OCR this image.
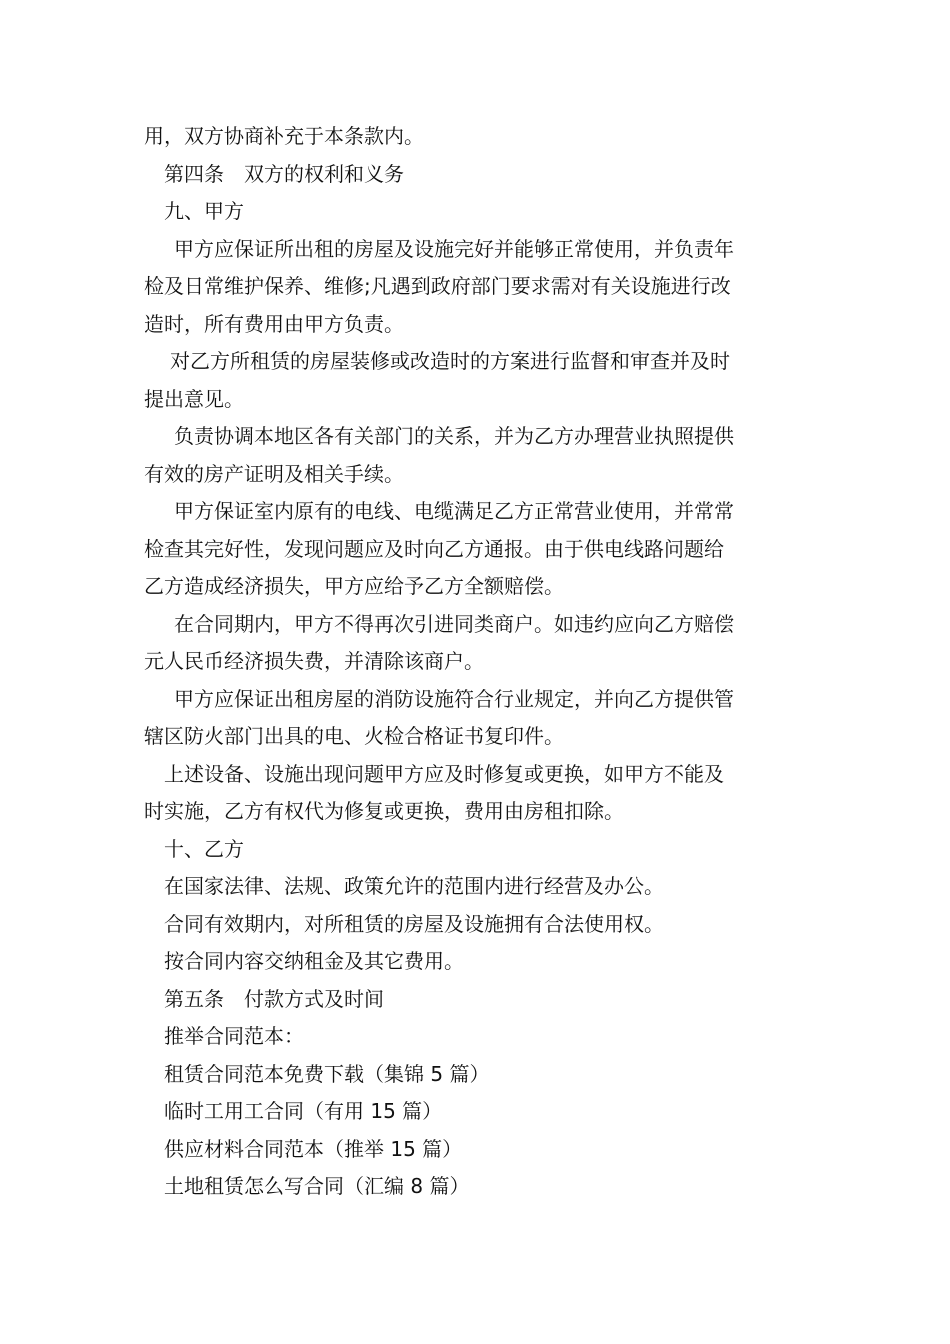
用，双方协商补充于本条款内。
第四条　双方的权利和义务
九、甲方
甲方应保证所出租的房屋及设施完好并能够正常使用，并负责年
检及日常维护保养、维修;凡遇到政府部门要求需对有关设施进行改
造时，所有费用由甲方负责。
对乙方所租赁的房屋装修或改造时的方案进行监督和审查并及时
提出意见。
负责协调本地区各有关部门的关系，并为乙方办理营业执照提供
有效的房产证明及相关手续。
甲方保证室内原有的电线、电缆满足乙方正常营业使用，并常常
检查其完好性，发现问题应及时向乙方通报。由于供电线路问题给
乙方造成经济损失，甲方应给予乙方全额赔偿。
在合同期内，甲方不得再次引进同类商户。如违约应向乙方赔偿
元人民币经济损失费，并清除该商户。
甲方应保证出租房屋的消防设施符合行业规定，并向乙方提供管
辖区防火部门出具的电、火检合格证书复印件。
上述设备、设施出现问题甲方应及时修复或更换，如甲方不能及
时实施，乙方有权代为修复或更换，费用由房租扣除。
十、乙方
在国家法律、法规、政策允许的范围内进行经营及办公。
合同有效期内，对所租赁的房屋及设施拥有合法使用权。
按合同内容交纳租金及其它费用。
第五条　付款方式及时间
推举合同范本：
租赁合同范本免费下载（集锦 5 篇）
临时工用工合同（有用 15 篇）
供应材料合同范本（推举 15 篇）
土地租赁怎么写合同（汇编 8 篇）
